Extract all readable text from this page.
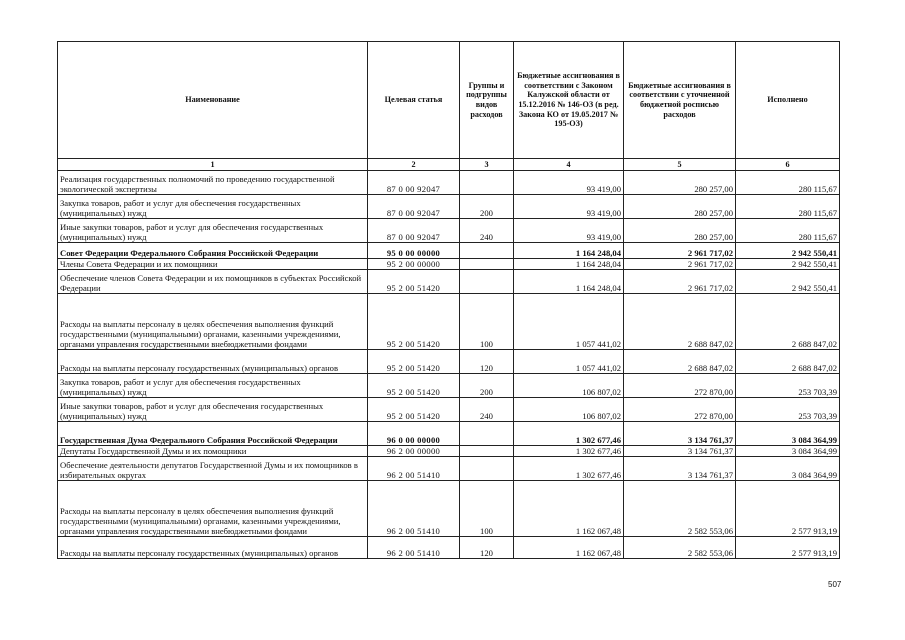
Наименование	Целевая статья	Группы и подгруппы видов расходов	Бюджетные ассигнования в соответствии с Законом Калужской области от 15.12.2016 № 146-ОЗ (в ред. Закона КО от 19.05.2017 № 195-ОЗ)	Бюджетные ассигнования в соответствии с уточненной бюджетной росписью расходов	Исполнено
1	2	3	4	5	6
Реализация государственных полномочий по проведению государственной экологической экспертизы	87 0 00 92047		93 419,00	280 257,00	280 115,67
Закупка товаров, работ и услуг для обеспечения государственных (муниципальных) нужд	87 0 00 92047	200	93 419,00	280 257,00	280 115,67
Иные закупки товаров, работ и услуг для обеспечения государственных (муниципальных) нужд	87 0 00 92047	240	93 419,00	280 257,00	280 115,67
Совет Федерации Федерального Собрания Российской Федерации	95 0 00 00000		1 164 248,04	2 961 717,02	2 942 550,41
Члены Совета Федерации и их помощники	95 2 00 00000		1 164 248,04	2 961 717,02	2 942 550,41
Обеспечение членов Совета Федерации и их помощников в субъектах Российской Федерации	95 2 00 51420		1 164 248,04	2 961 717,02	2 942 550,41
Расходы на выплаты персоналу в целях обеспечения выполнения функций государственными (муниципальными) органами, казенными учреждениями, органами управления государственными внебюджетными фондами	95 2 00 51420	100	1 057 441,02	2 688 847,02	2 688 847,02
Расходы на выплаты персоналу государственных (муниципальных) органов	95 2 00 51420	120	1 057 441,02	2 688 847,02	2 688 847,02
Закупка товаров, работ и услуг для обеспечения государственных (муниципальных) нужд	95 2 00 51420	200	106 807,02	272 870,00	253 703,39
Иные закупки товаров, работ и услуг для обеспечения государственных (муниципальных) нужд	95 2 00 51420	240	106 807,02	272 870,00	253 703,39
Государственная Дума Федерального Собрания Российской Федерации	96 0 00 00000		1 302 677,46	3 134 761,37	3 084 364,99
Депутаты Государственной Думы и их помощники	96 2 00 00000		1 302 677,46	3 134 761,37	3 084 364,99
Обеспечение деятельности депутатов Государственной Думы и их помощников в избирательных округах	96 2 00 51410		1 302 677,46	3 134 761,37	3 084 364,99
Расходы на выплаты персоналу в целях обеспечения выполнения функций государственными (муниципальными) органами, казенными учреждениями, органами управления государственными внебюджетными фондами	96 2 00 51410	100	1 162 067,48	2 582 553,06	2 577 913,19
Расходы на выплаты персоналу государственных (муниципальных) органов	96 2 00 51410	120	1 162 067,48	2 582 553,06	2 577 913,19
507
